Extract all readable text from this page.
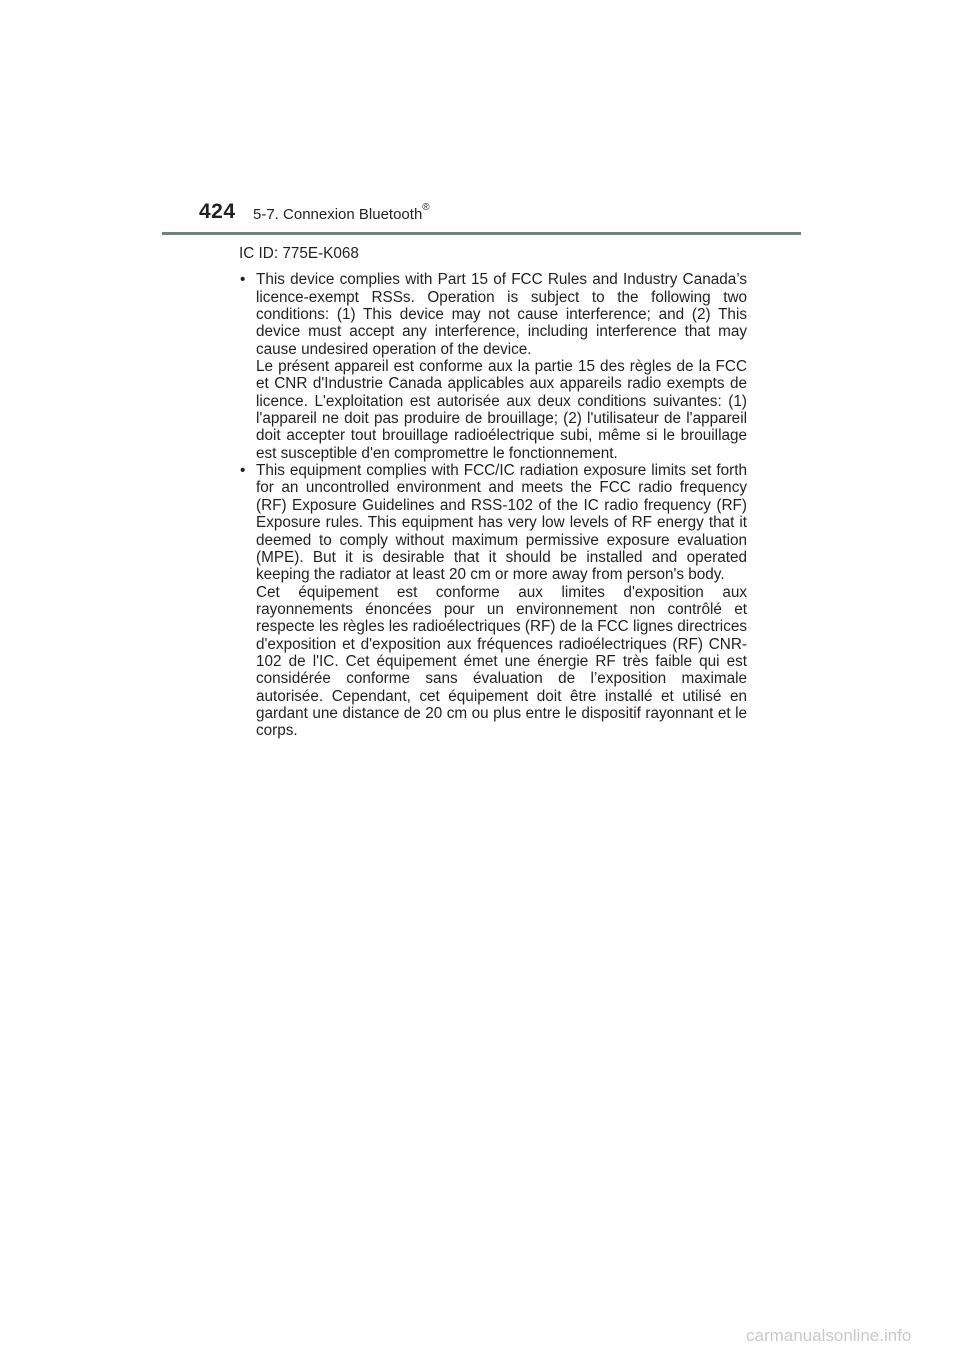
424 5-7. Connexion Bluetooth®
IC ID: 775E-K068
• This device complies with Part 15 of FCC Rules and Industry Canada’s licence-exempt RSSs. Operation is subject to the following two conditions: (1) This device may not cause interference; and (2) This device must accept any interference, including interference that may cause undesired operation of the device.

Le présent appareil est conforme aux la partie 15 des règles de la FCC et CNR d'Industrie Canada applicables aux appareils radio exempts de licence. L'exploitation est autorisée aux deux conditions suivantes: (1) l'appareil ne doit pas produire de brouillage; (2) l'utilisateur de l'appareil doit accepter tout brouillage radioélectrique subi, même si le brouillage est susceptible d'en compromettre le fonctionnement.

• This equipment complies with FCC/IC radiation exposure limits set forth for an uncontrolled environment and meets the FCC radio frequency (RF) Exposure Guidelines and RSS-102 of the IC radio frequency (RF) Exposure rules. This equipment has very low levels of RF energy that it deemed to comply without maximum permissive exposure evaluation (MPE). But it is desirable that it should be installed and operated keeping the radiator at least 20 cm or more away from person's body.

Cet équipement est conforme aux limites d'exposition aux rayonnements énoncées pour un environnement non contrôlé et respecte les règles les radioélectriques (RF) de la FCC lignes directrices d'exposition et d'exposition aux fréquences radioélectriques (RF) CNR-102 de l'IC. Cet équipement émet une énergie RF très faible qui est considérée conforme sans évaluation de l’exposition maximale autorisée. Cependant, cet équipement doit être installé et utilisé en gardant une distance de 20 cm ou plus entre le dispositif rayonnant et le corps.

carmanualsonline.info
